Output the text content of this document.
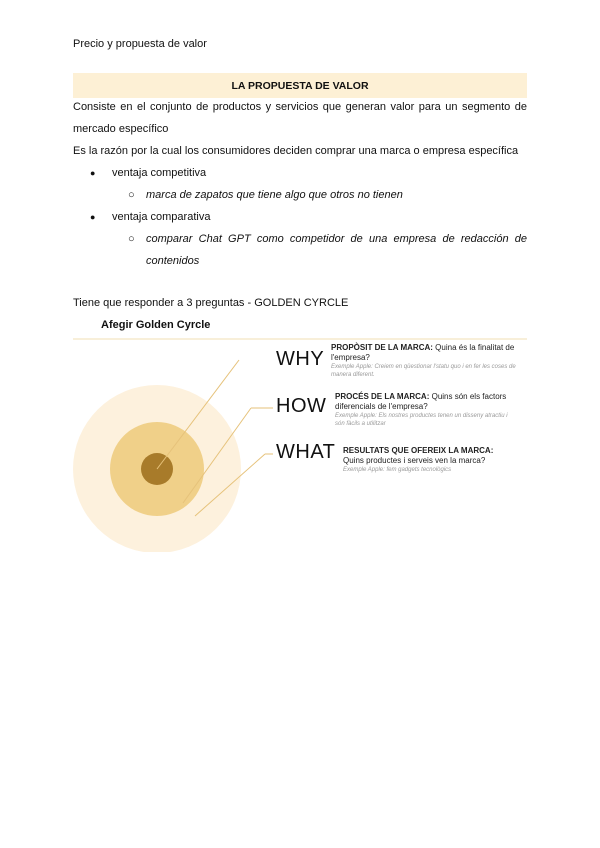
Precio y propuesta de valor
LA PROPUESTA DE VALOR
Consiste en el conjunto de productos y servicios que generan valor para un segmento de mercado específico
Es la razón por la cual los consumidores deciden comprar una marca o empresa específica
● ventaja competitiva
○ marca de zapatos que tiene algo que otros no tienen
● ventaja comparativa
○	comparar Chat GPT como competidor de una empresa de redacción de contenidos
Tiene que responder a 3 preguntas - GOLDEN CYRCLE
Afegir Golden Cyrcle
WHY
PROPÒSIT DE LA MARCA: Quina és la finalitat de l'empresa?
Exemple Apple: Creiem en qüestionar l'statu quo i en fer les coses de manera diferent.
HOW PROCÉS DE LA MARCA: Quins són els factors diferencials de l'empresa?
Exemple Apple: Els nostres productes tenen un disseny atractiu i són fàcils a utilitzar
WHAT RESULTATS QUE OFEREIX LA MARCA: Quins productes i serveis ven la marca?
Exemple Apple: fem gadgets tecnològics
